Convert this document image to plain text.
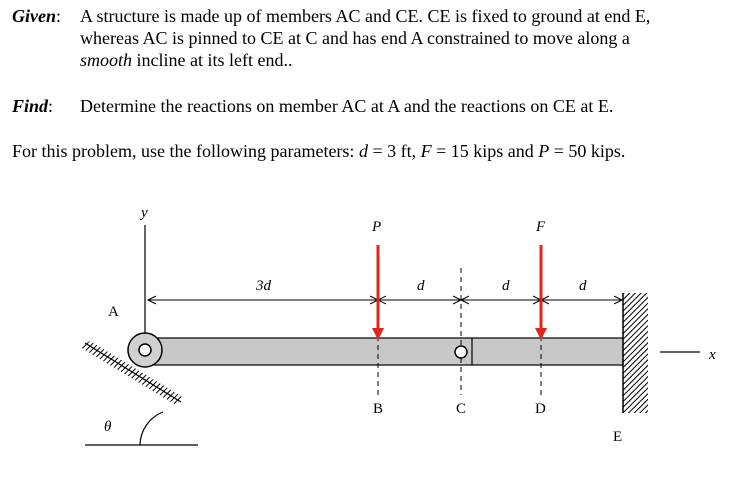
Given: A structure is made up of members AC and CE. CE is fixed to ground at end E,
whereas AC is pinned to CE at C and has end A constrained to move along a
smooth incline at its left end..
Find: Determine the reactions on member AC at A and the reactions on CE at E.
For this problem, use the following parameters: d = 3 ft, F = 15 kips and P = 50 kips.
y
x
3d	d	d	d
P	F
θ
A
B	C	D
E
